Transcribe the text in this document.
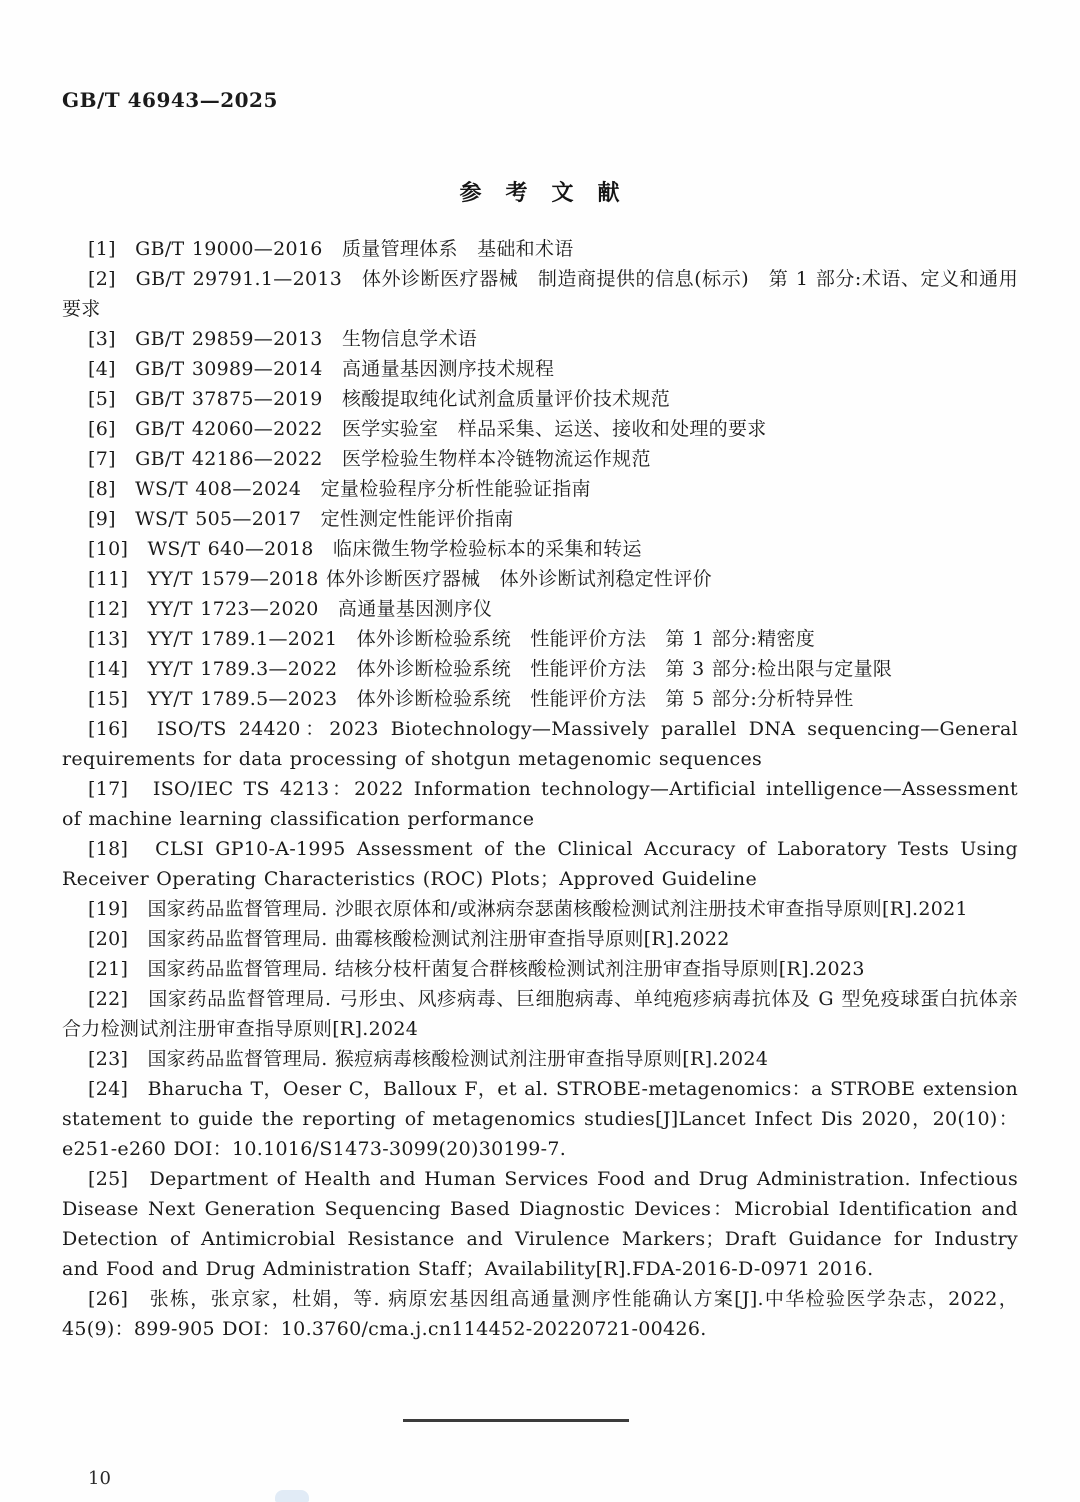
GB/T 46943—2025
参　考　文　献

[1]　GB/T 19000—2016　质量管理体系　基础和术语

[2]　GB/T 29791.1—2013　体外诊断医疗器械　制造商提供的信息(标示)　第 1 部分:术语、定义和通用要求

[3]　GB/T 29859—2013　生物信息学术语

[4]　GB/T 30989—2014　高通量基因测序技术规程

[5]　GB/T 37875—2019　核酸提取纯化试剂盒质量评价技术规范

[6]　GB/T 42060—2022　医学实验室　样品采集、运送、接收和处理的要求

[7]　GB/T 42186—2022　医学检验生物样本冷链物流运作规范

[8]　WS/T 408—2024　定量检验程序分析性能验证指南

[9]　WS/T 505—2017　定性测定性能评价指南

[10]　WS/T 640—2018　临床微生物学检验标本的采集和转运

[11]　YY/T 1579—2018 体外诊断医疗器械　体外诊断试剂稳定性评价

[12]　YY/T 1723—2020　高通量基因测序仪

[13]　YY/T 1789.1—2021　体外诊断检验系统　性能评价方法　第 1 部分:精密度

[14]　YY/T 1789.3—2022　体外诊断检验系统　性能评价方法　第 3 部分:检出限与定量限

[15]　YY/T 1789.5—2023　体外诊断检验系统　性能评价方法　第 5 部分:分析特异性

[16]　ISO/TS 24420：2023 Biotechnology—Massively parallel DNA sequencing—General requirements for data processing of shotgun metagenomic sequences

[17]　ISO/IEC TS 4213：2022 Information technology—Artificial intelligence—Assessment of machine learning classification performance

[18]　CLSI GP10-A-1995 Assessment of the Clinical Accuracy of Laboratory Tests Using Receiver Operating Characteristics (ROC) Plots；Approved Guideline

[19]　国家药品监督管理局. 沙眼衣原体和/或淋病奈瑟菌核酸检测试剂注册技术审查指导原则[R].2021

[20]　国家药品监督管理局. 曲霉核酸检测试剂注册审查指导原则[R].2022

[21]　国家药品监督管理局. 结核分枝杆菌复合群核酸检测试剂注册审查指导原则[R].2023

[22]　国家药品监督管理局. 弓形虫、风疹病毒、巨细胞病毒、单纯疱疹病毒抗体及 G 型免疫球蛋白抗体亲合力检测试剂注册审查指导原则[R].2024

[23]　国家药品监督管理局. 猴痘病毒核酸检测试剂注册审查指导原则[R].2024

[24]　Bharucha T，Oeser C，Balloux F，et al. STROBE-metagenomics：a STROBE extension statement to guide the reporting of metagenomics studies[J]Lancet Infect Dis 2020，20(10)：e251-e260 DOI：10.1016/S1473-3099(20)30199-7.

[25]　Department of Health and Human Services Food and Drug Administration. Infectious Disease Next Generation Sequencing Based Diagnostic Devices：Microbial Identification and Detection of Antimicrobial Resistance and Virulence Markers；Draft Guidance for Industry and Food and Drug Administration Staff；Availability[R].FDA-2016-D-0971 2016.

[26]　张栋，张京家，杜娟，等. 病原宏基因组高通量测序性能确认方案[J].中华检验医学杂志，2022，45(9)：899-905 DOI：10.3760/cma.j.cn114452-20220721-00426.

10
